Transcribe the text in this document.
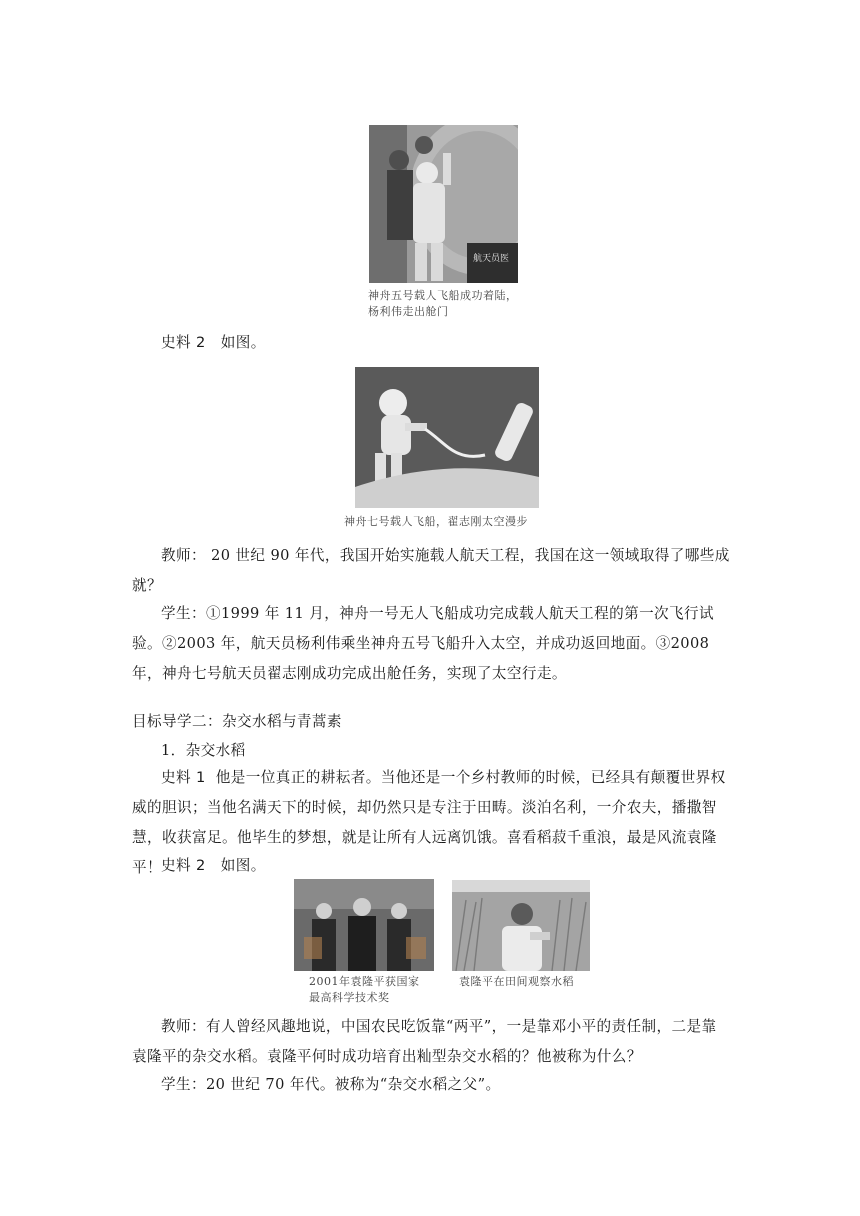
航天员医
神舟五号载人飞船成功着陆，
杨利伟走出舱门
史料 2 如图。
神舟七号载人飞船，翟志刚太空漫步
教师： 20 世纪 90 年代，我国开始实施载人航天工程，我国在这一领域取得了哪些成就？
学生：①1999 年 11 月，神舟一号无人飞船成功完成载人航天工程的第一次飞行试验。②2003 年，航天员杨利伟乘坐神舟五号飞船升入太空，并成功返回地面。③2008 年，神舟七号航天员翟志刚成功完成出舱任务，实现了太空行走。
目标导学二：杂交水稻与青蒿素
1．杂交水稻
史料 1 他是一位真正的耕耘者。当他还是一个乡村教师的时候，已经具有颠覆世界权威的胆识；当他名满天下的时候，却仍然只是专注于田畴。淡泊名利，一介农夫，播撒智慧，收获富足。他毕生的梦想，就是让所有人远离饥饿。喜看稻菽千重浪，最是风流袁隆平！ 史料 2 如图。
2001年袁隆平获国家
最高科学技术奖
袁隆平在田间观察水稻
教师：有人曾经风趣地说，中国农民吃饭靠“两平”，一是靠邓小平的责任制，二是靠袁隆平的杂交水稻。袁隆平何时成功培育出籼型杂交水稻的？他被称为什么？
学生：20 世纪 70 年代。被称为“杂交水稻之父”。
